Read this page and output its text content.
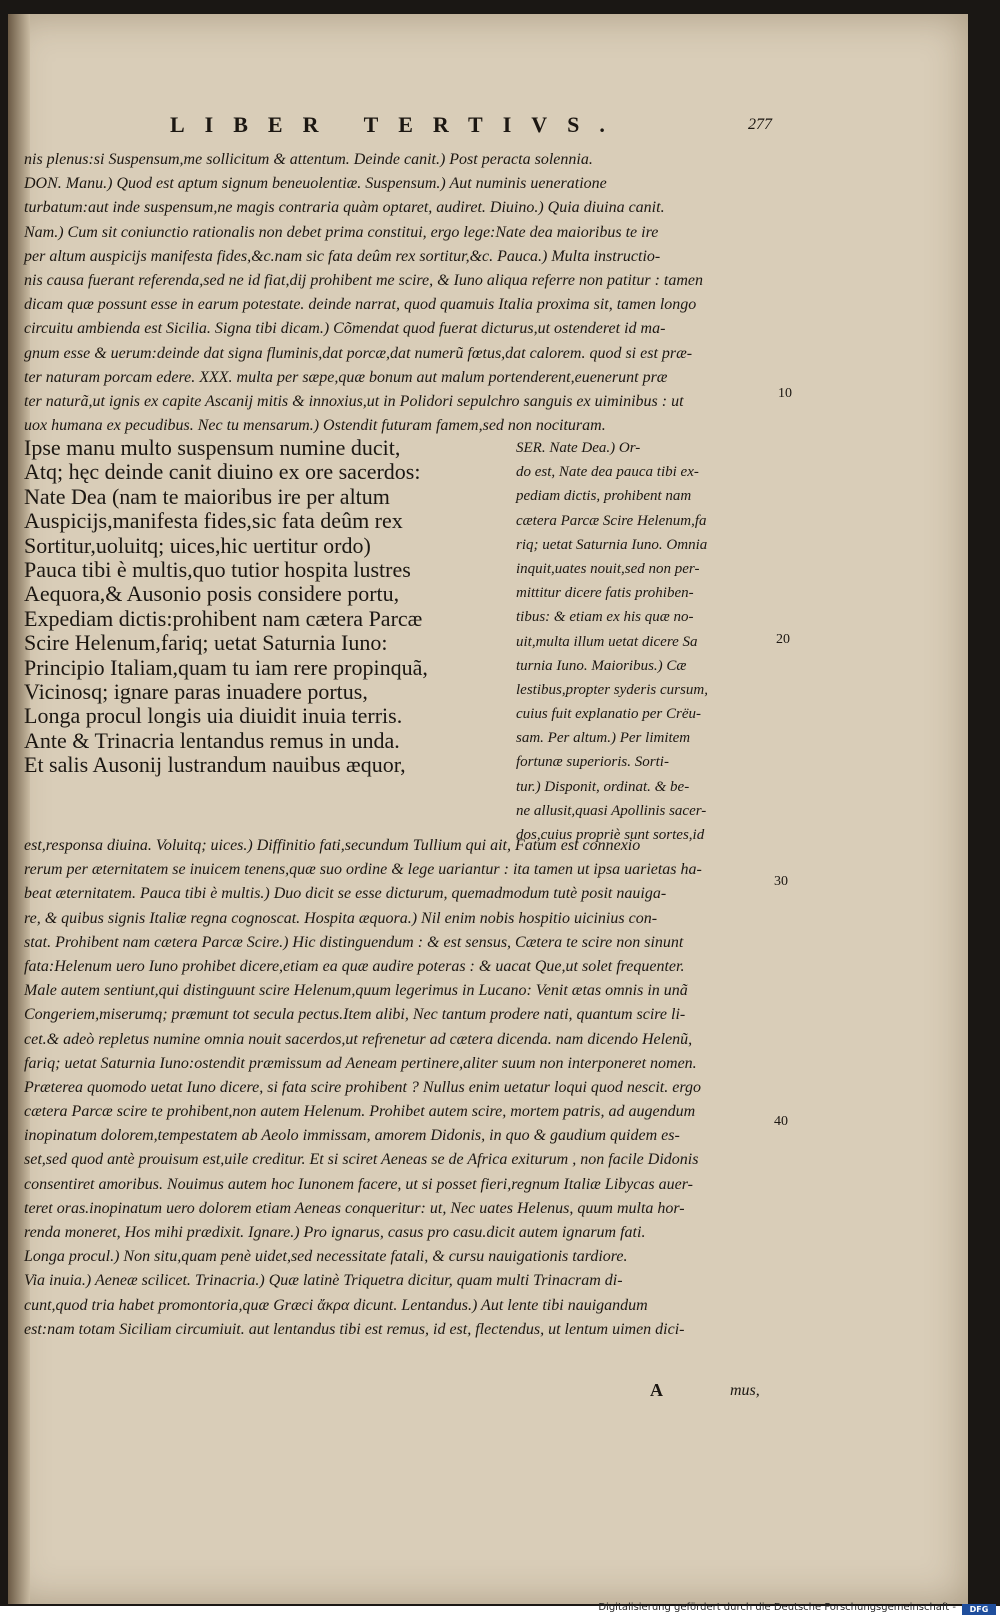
LIBER TERTIVS.	277
nis plenus:si Suspensum,me sollicitum & attentum. Deinde canit.) Post peracta solennia.
DON. Manu.) Quod est aptum signum beneuolentiæ. Suspensum.) Aut numinis ueneratione
turbatum:aut inde suspensum,ne magis contraria quàm optaret, audiret. Diuino.) Quia diuina canit.
Nam.) Cum sit coniunctio rationalis non debet prima constitui, ergo lege:Nate dea maioribus te ire
per altum auspicijs manifesta fides,&c.nam sic fata deûm rex sortitur,&c. Pauca.) Multa instructio-
nis causa fuerant referenda,sed ne id fiat,dij prohibent me scire, & Iuno aliqua referre non patitur : tamen
dicam quæ possunt esse in earum potestate. deinde narrat, quod quamuis Italia proxima sit, tamen longo
circuitu ambienda est Sicilia. Signa tibi dicam.) Cõmendat quod fuerat dicturus,ut ostenderet id ma-
gnum esse & uerum:deinde dat signa fluminis,dat porcæ,dat numerũ fœtus,dat calorem. quod si est præ-
ter naturam porcam edere. XXX. multa per sæpe,quæ bonum aut malum portenderent,euenerunt præ
ter naturã,ut ignis ex capite Ascanij mitis & innoxius,ut in Polidori sepulchro sanguis ex uiminibus : ut
uox humana ex pecudibus. Nec tu mensarum.) Ostendit futuram famem,sed non nocituram.
Ipse manu multo suspensum numine ducit,
Atq; hęc deinde canit diuino ex ore sacerdos:
Nate Dea (nam te maioribus ire per altum
Auspicijs,manifesta fides,sic fata deûm rex
Sortitur,uoluitq; uices,hic uertitur ordo)
Pauca tibi è multis,quo tutior hospita lustres
Aequora,& Ausonio posis considere portu,
Expediam dictis:prohibent nam cætera Parcæ
Scire Helenum,fariq; uetat Saturnia Iuno:
Principio Italiam,quam tu iam rere propinquã,
Vicinosq; ignare paras inuadere portus,
Longa procul longis uia diuidit inuia terris.
Ante & Trinacria lentandus remus in unda.
Et salis Ausonij lustrandum nauibus æquor,
SER. Nate Dea.) Or-
do est, Nate dea pauca tibi ex-
pediam dictis, prohibent nam
cætera Parcæ Scire Helenum,fa
riq; uetat Saturnia Iuno. Omnia
inquit,uates nouit,sed non per-
mittitur dicere fatis prohiben-
tibus: & etiam ex his quæ no-
uit,multa illum uetat dicere Sa
turnia Iuno. Maioribus.) Cæ
lestibus,propter syderis cursum,
cuius fuit explanatio per Crëu-
sam. Per altum.) Per limitem
fortunæ superioris. Sorti-
tur.) Disponit, ordinat. & be-
ne allusit,quasi Apollinis sacer-
dos,cuius propriè sunt sortes,id
est,responsa diuina. Voluitq; uices.) Diffinitio fati,secundum Tullium qui ait, Fatum est connexio
rerum per æternitatem se inuicem tenens,quæ suo ordine & lege uariantur : ita tamen ut ipsa uarietas ha-
beat æternitatem. Pauca tibi è multis.) Duo dicit se esse dicturum, quemadmodum tutè posit nauiga-
re, & quibus signis Italiæ regna cognoscat. Hospita æquora.) Nil enim nobis hospitio uicinius con-
stat. Prohibent nam cætera Parcæ Scire.) Hic distinguendum : & est sensus, Cætera te scire non sinunt
fata:Helenum uero Iuno prohibet dicere,etiam ea quæ audire poteras : & uacat Que,ut solet frequenter.
Male autem sentiunt,qui distinguunt scire Helenum,quum legerimus in Lucano: Venit ætas omnis in unã
Congeriem,miserumq; præmunt tot secula pectus.Item alibi, Nec tantum prodere nati, quantum scire li-
cet.& adeò repletus numine omnia nouit sacerdos,ut refrenetur ad cætera dicenda. nam dicendo Helenũ,
fariq; uetat Saturnia Iuno:ostendit præmissum ad Aeneam pertinere,aliter suum non interponeret nomen.
Præterea quomodo uetat Iuno dicere, si fata scire prohibent ? Nullus enim uetatur loqui quod nescit. ergo
cætera Parcæ scire te prohibent,non autem Helenum. Prohibet autem scire, mortem patris, ad augendum
inopinatum dolorem,tempestatem ab Aeolo immissam, amorem Didonis, in quo & gaudium quidem es-
set,sed quod antè prouisum est,uile creditur. Et si sciret Aeneas se de Africa exiturum , non facile Didonis
consentiret amoribus. Nouimus autem hoc Iunonem facere, ut si posset fieri,regnum Italiæ Libycas auer-
teret oras.inopinatum uero dolorem etiam Aeneas conqueritur: ut, Nec uates Helenus, quum multa hor-
renda moneret, Hos mihi prædixit. Ignare.) Pro ignarus, casus pro casu.dicit autem ignarum fati.
Longa procul.) Non situ,quam penè uidet,sed necessitate fatali, & cursu nauigationis tardiore.
Via inuia.) Aeneæ scilicet. Trinacria.) Quæ latinè Triquetra dicitur, quam multi Trinacram di-
cunt,quod tria habet promontoria,quæ Græci ἄκρα dicunt. Lentandus.) Aut lente tibi nauigandum
est:nam totam Siciliam circumiuit. aut lentandus tibi est remus, id est, flectendus, ut lentum uimen dici-
A	mus,
10
20
30
40
Digitalisierung gefördert durch die Deutsche Forschungsgemeinschaft -	DFG
